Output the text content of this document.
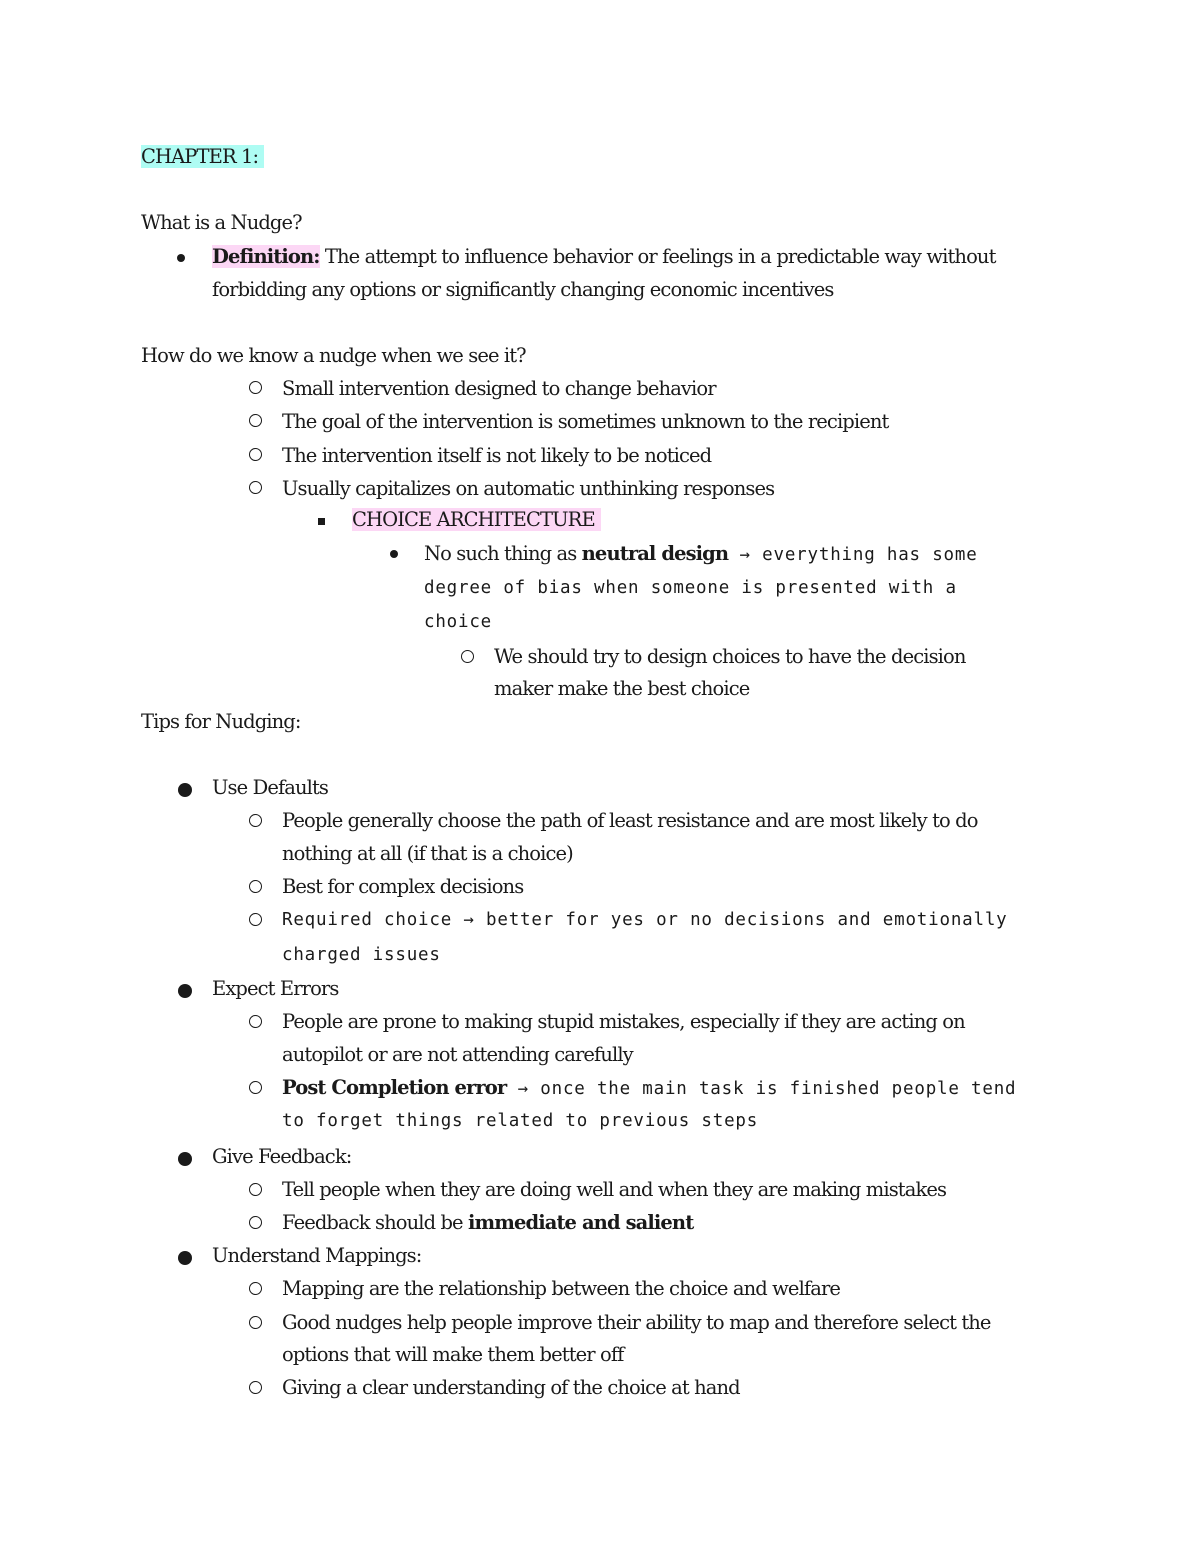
CHAPTER 1:
What is a Nudge?
Definition: The attempt to influence behavior or feelings in a predictable way without
forbidding any options or significantly changing economic incentives
How do we know a nudge when we see it?
Small intervention designed to change behavior
The goal of the intervention is sometimes unknown to the recipient
The intervention itself is not likely to be noticed
Usually capitalizes on automatic unthinking responses
CHOICE ARCHITECTURE
No such thing as neutral design → everything has some
degree of bias when someone is presented with a
choice
We should try to design choices to have the decision
maker make the best choice
Tips for Nudging:
Use Defaults
People generally choose the path of least resistance and are most likely to do
nothing at all (if that is a choice)
Best for complex decisions
Required choice → better for yes or no decisions and emotionally
charged issues
Expect Errors
People are prone to making stupid mistakes, especially if they are acting on
autopilot or are not attending carefully
Post Completion error → once the main task is finished people tend
to forget things related to previous steps
Give Feedback:
Tell people when they are doing well and when they are making mistakes
Feedback should be immediate and salient
Understand Mappings:
Mapping are the relationship between the choice and welfare
Good nudges help people improve their ability to map and therefore select the
options that will make them better off
Giving a clear understanding of the choice at hand
